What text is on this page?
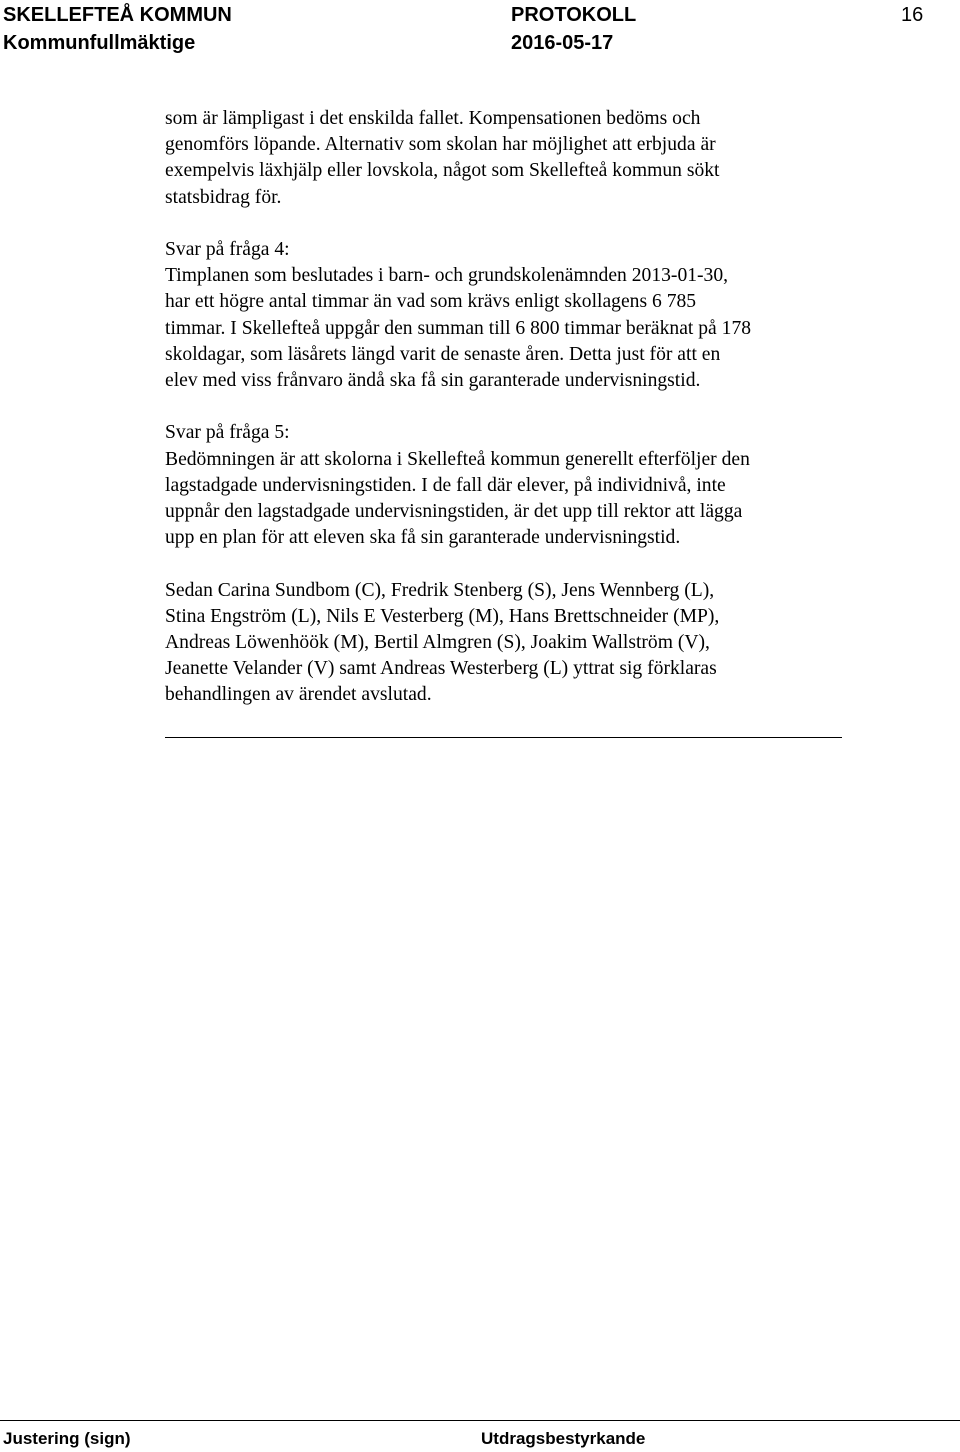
SKELLEFTEÅ KOMMUN
Kommunfullmäktige
PROTOKOLL
2016-05-17
16

som är lämpligast i det enskilda fallet. Kompensationen bedöms och
genomförs löpande. Alternativ som skolan har möjlighet att erbjuda är
exempelvis läxhjälp eller lovskola, något som Skellefteå kommun sökt
statsbidrag för.

Svar på fråga 4:
Timplanen som beslutades i barn- och grundskolenämnden 2013-01-30,
har ett högre antal timmar än vad som krävs enligt skollagens 6 785
timmar. I Skellefteå uppgår den summan till 6 800 timmar beräknat på 178
skoldagar, som läsårets längd varit de senaste åren. Detta just för att en
elev med viss frånvaro ändå ska få sin garanterade undervisningstid.

Svar på fråga 5:
Bedömningen är att skolorna i Skellefteå kommun generellt efterföljer den
lagstadgade undervisningstiden. I de fall där elever, på individnivå, inte
uppnår den lagstadgade undervisningstiden, är det upp till rektor att lägga
upp en plan för att eleven ska få sin garanterade undervisningstid.

Sedan Carina Sundbom (C), Fredrik Stenberg (S), Jens Wennberg (L),
Stina Engström (L), Nils E Vesterberg (M), Hans Brettschneider (MP),
Andreas Löwenhöök (M), Bertil Almgren (S), Joakim Wallström (V),
Jeanette Velander (V) samt Andreas Westerberg (L) yttrat sig förklaras
behandlingen av ärendet avslutad.

Justering (sign)	Utdragsbestyrkande
